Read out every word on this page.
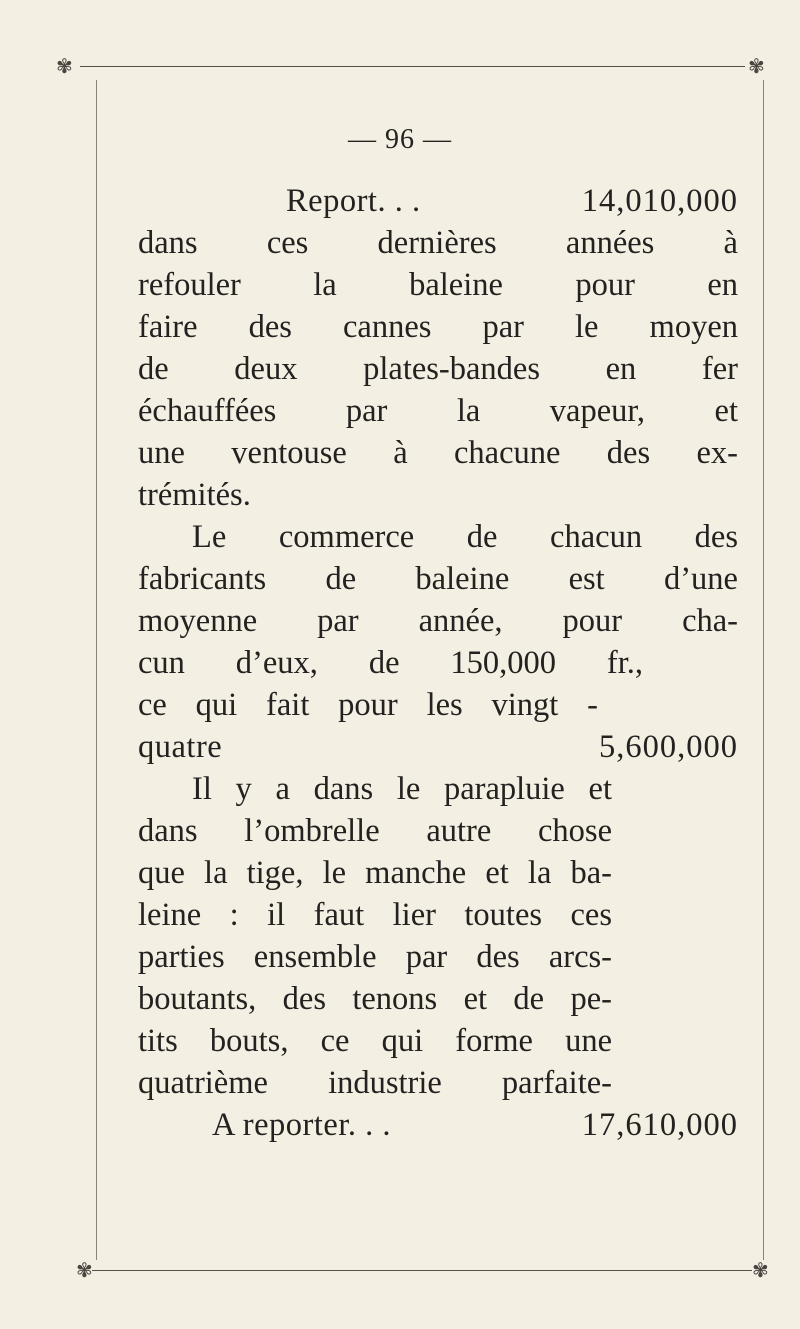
✾	✾
✾	✾
— 96 —
Report. . .	14,010,000
dans ces dernières années à
refouler la baleine pour en
faire des cannes par le moyen
de deux plates-bandes en fer
échauffées par la vapeur, et
une ventouse à chacune des ex-
trémités.
Le commerce de chacun des
fabricants de baleine est d’une
moyenne par année, pour cha-
cun d’eux, de 150,000 fr.,
ce qui fait pour les vingt -
quatre	5,600,000
Il y a dans le parapluie et
dans l’ombrelle autre chose
que la tige, le manche et la ba-
leine : il faut lier toutes ces
parties ensemble par des arcs-
boutants, des tenons et de pe-
tits bouts, ce qui forme une
quatrième industrie parfaite-
A reporter. . .	17,610,000
